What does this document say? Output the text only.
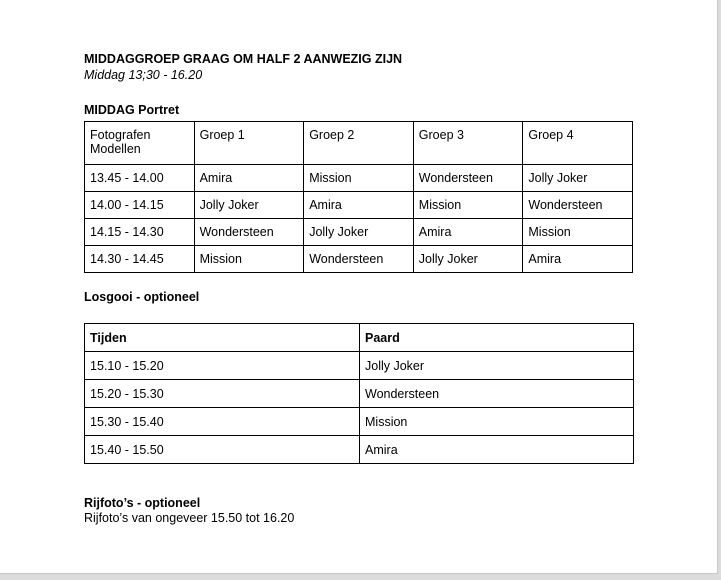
MIDDAGGROEP GRAAG OM HALF 2 AANWEZIG ZIJN

Middag 13;30 - 16.20

MIDDAG Portret

Fotografen
Modellen	Groep 1	Groep 2	Groep 3	Groep 4
13.45 - 14.00	Amira	Mission	Wondersteen	Jolly Joker
14.00 - 14.15	Jolly Joker	Amira	Mission	Wondersteen
14.15 - 14.30	Wondersteen	Jolly Joker	Amira	Mission
14.30 - 14.45	Mission	Wondersteen	Jolly Joker	Amira

Losgooi - optioneel

Tijden	Paard
15.10 - 15.20	Jolly Joker
15.20 - 15.30	Wondersteen
15.30 - 15.40	Mission
15.40 - 15.50	Amira

Rijfoto’s - optioneel

Rijfoto’s van ongeveer 15.50 tot 16.20
